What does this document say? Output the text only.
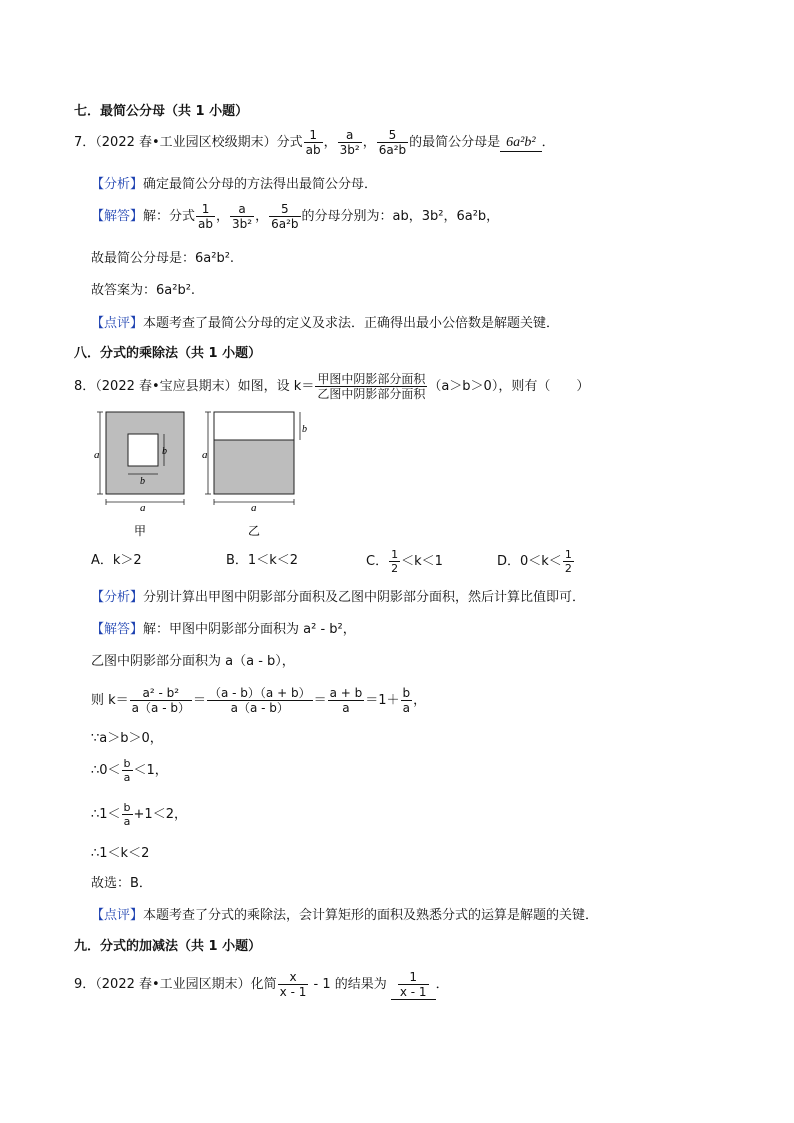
七．最简公分母（共 1 小题）
7．（2022 春•工业园区校级期末）分式 $\frac{1}{ab}$ ， $\frac{a}{\text{3b²}}$ ， $\frac{5}{\text{6a²b}}$ 的最简公分母是 6a²b² ．
【分析】确定最简公分母的方法得出最简公分母．
【解答】解：分式 $\frac{1}{ab}$ ， $\frac{a}{\text{3b²}}$ ， $\frac{5}{\text{6a²b}}$ 的分母分别为：ab，3b²，6a²b，
故最简公分母是：6a²b².
故答案为：6a²b².
【点评】本题考查了最简公分母的定义及求法．正确得出最小公倍数是解题关键．
八．分式的乘除法（共 1 小题）
8．（2022 春•宝应县期末）如图，设 $k= \frac{\text{甲图中阴影部分面积}}{\text{乙图中阴影部分面积}} (a>b>0)$，则有（　　）
a	b
b
a
甲
a
b
a
乙
A．k＞2	B．1＜k＜2	C． $\frac{1}{2} <k<1$	D．$0<k< \frac{1}{2}$
【分析】分别计算出甲图中阴影部分面积及乙图中阴影部分面积，然后计算比值即可．
【解答】解：甲图中阴影部分面积为 a² - b²，
乙图中阴影部分面积为 a（a - b），
则 $k= \frac{\text{a² - b²}}{a(a - b)} = \frac{(a - b)(a + b)}{a(a - b)} = \frac{a + b}{a} =1+ \frac{b}{a}$ ，
∵a＞b＞0，
∴0＜ $\frac{b}{a} <1$，
∴1＜ $\frac{b}{a} +1<2$，
∴1＜k＜2
故选：B．
【点评】本题考查了分式的乘除法，会计算矩形的面积及熟悉分式的运算是解题的关键．
九．分式的加减法（共 1 小题）
9．（2022 春•工业园区期末）化简 $\frac{x}{x - 1} - 1$ 的结果为 $\frac{1}{x - 1}$ ．
